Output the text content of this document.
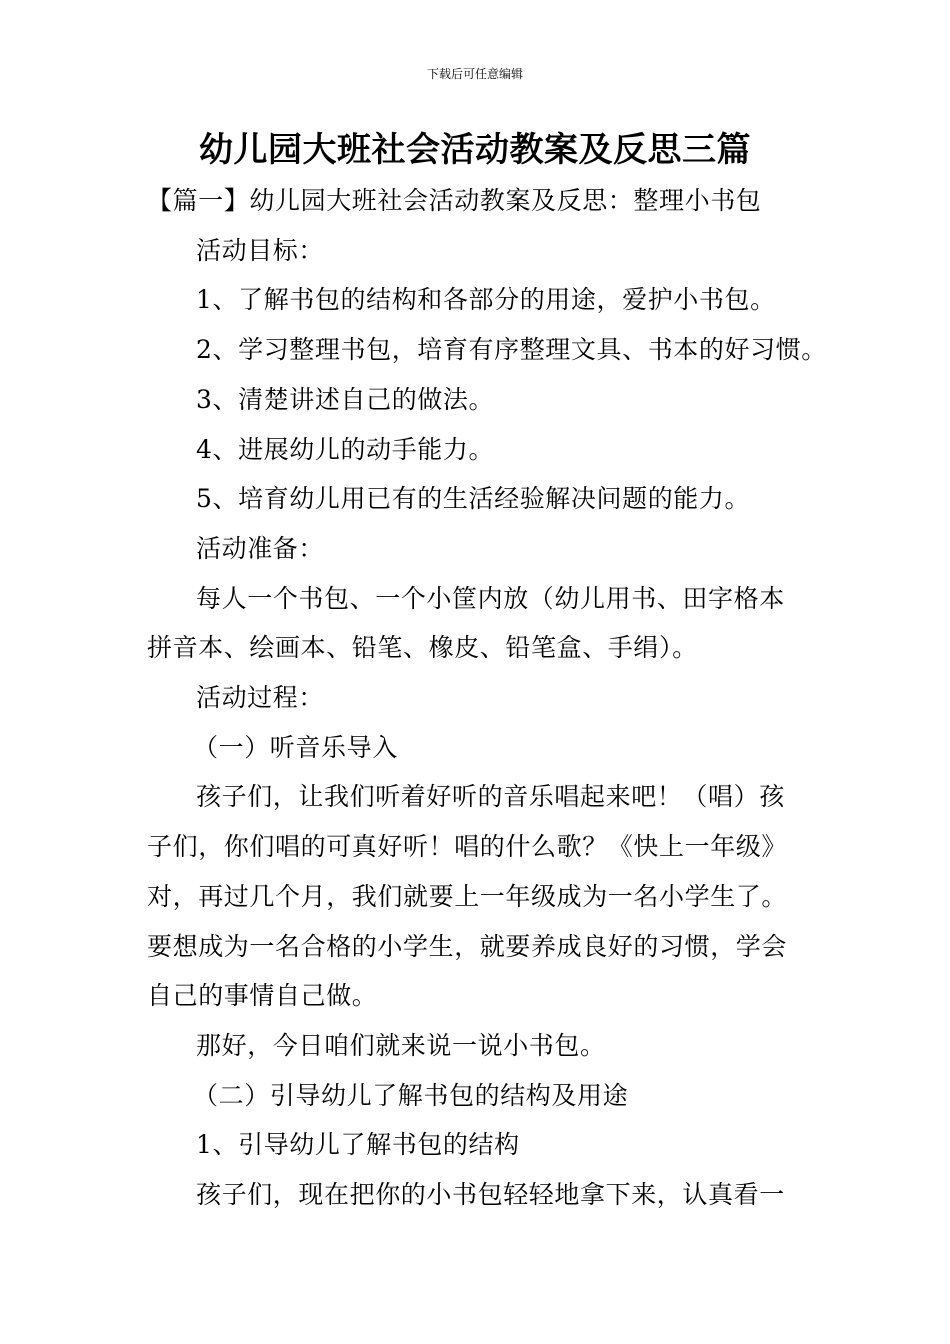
下载后可任意编辑
幼儿园大班社会活动教案及反思三篇

【篇一】幼儿园大班社会活动教案及反思：整理小书包

活动目标：

1、了解书包的结构和各部分的用途，爱护小书包。

2、学习整理书包，培育有序整理文具、书本的好习惯。

3、清楚讲述自己的做法。

4、进展幼儿的动手能力。

5、培育幼儿用已有的生活经验解决问题的能力。

活动准备：

每人一个书包、一个小筐内放（幼儿用书、田字格本

拼音本、绘画本、铅笔、橡皮、铅笔盒、手绢）。

活动过程：

（一）听音乐导入

孩子们，让我们听着好听的音乐唱起来吧！（唱）孩

子们，你们唱的可真好听！唱的什么歌？《快上一年级》

对，再过几个月，我们就要上一年级成为一名小学生了。

要想成为一名合格的小学生，就要养成良好的习惯，学会

自己的事情自己做。

那好，今日咱们就来说一说小书包。

（二）引导幼儿了解书包的结构及用途

1、引导幼儿了解书包的结构

孩子们，现在把你的小书包轻轻地拿下来，认真看一
